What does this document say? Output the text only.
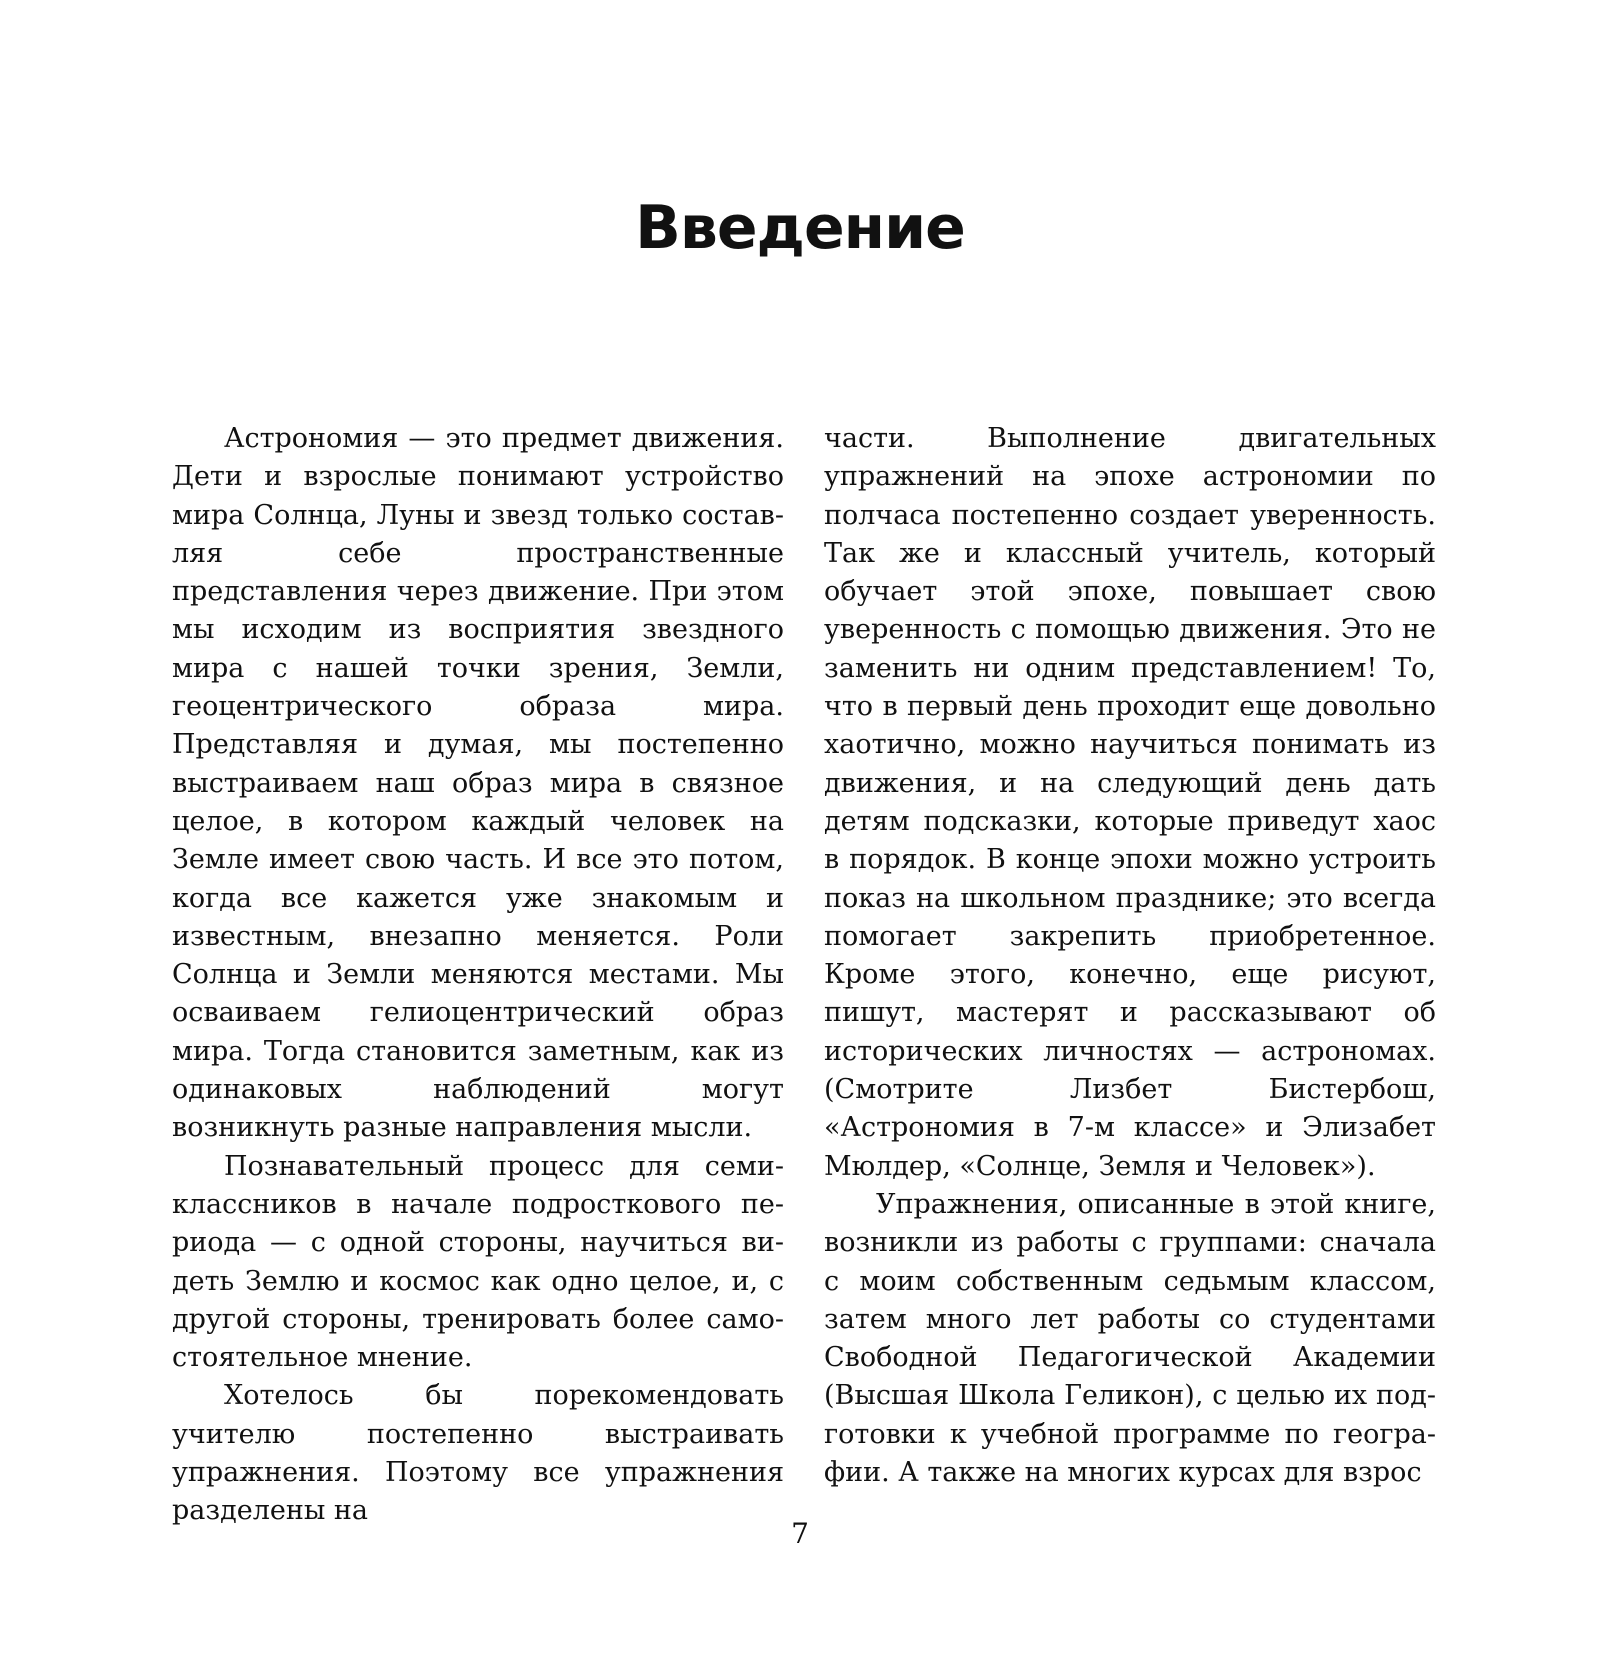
Введение

Астрономия — это предмет движения. Дети и взрослые понимают устройство мира Солнца, Луны и звезд только составляя себе пространственные представления через движение. При этом мы исходим из восприятия звездного мира с нашей точки зрения, Земли, геоцентрического образа мира. Представляя и думая, мы постепенно выстраиваем наш образ мира в связное целое, в котором каждый человек на Земле имеет свою часть. И все это потом, когда все кажется уже знакомым и известным, внезапно меняется. Роли Солнца и Земли меняются местами. Мы осваиваем гелиоцентрический образ мира. Тогда становится заметным, как из одинаковых наблюдений могут возникнуть разные направления мысли.

Познавательный процесс для семиклассников в начале подросткового периода — с одной стороны, научиться видеть Землю и космос как одно целое, и, с другой стороны, тренировать более самостоятельное мнение.

Хотелось бы порекомендовать учителю постепенно выстраивать упражнения. Поэтому все упражнения разделены на

части. Выполнение двигательных упражнений на эпохе астрономии по полчаса постепенно создает уверенность. Так же и классный учитель, который обучает этой эпохе, повышает свою уверенность с помощью движения. Это не заменить ни одним представлением! То, что в первый день проходит еще довольно хаотично, можно научиться понимать из движения, и на следующий день дать детям подсказки, которые приведут хаос в порядок. В конце эпохи можно устроить показ на школьном празднике; это всегда помогает закрепить приобретенное. Кроме этого, конечно, еще рисуют, пишут, мастерят и рассказывают об исторических личностях — астрономах. (Смотрите Лизбет Бистербош, «Астрономия в 7-м классе» и Элизабет Мюлдер, «Солнце, Земля и Человек»).

Упражнения, описанные в этой книге, возникли из работы с группами: сначала с моим собственным седьмым классом, затем много лет работы со студентами Свободной Педагогической Академии (Высшая Школа Геликон), с целью их подготовки к учебной программе по географии. А также на многих курсах для взрос

7
